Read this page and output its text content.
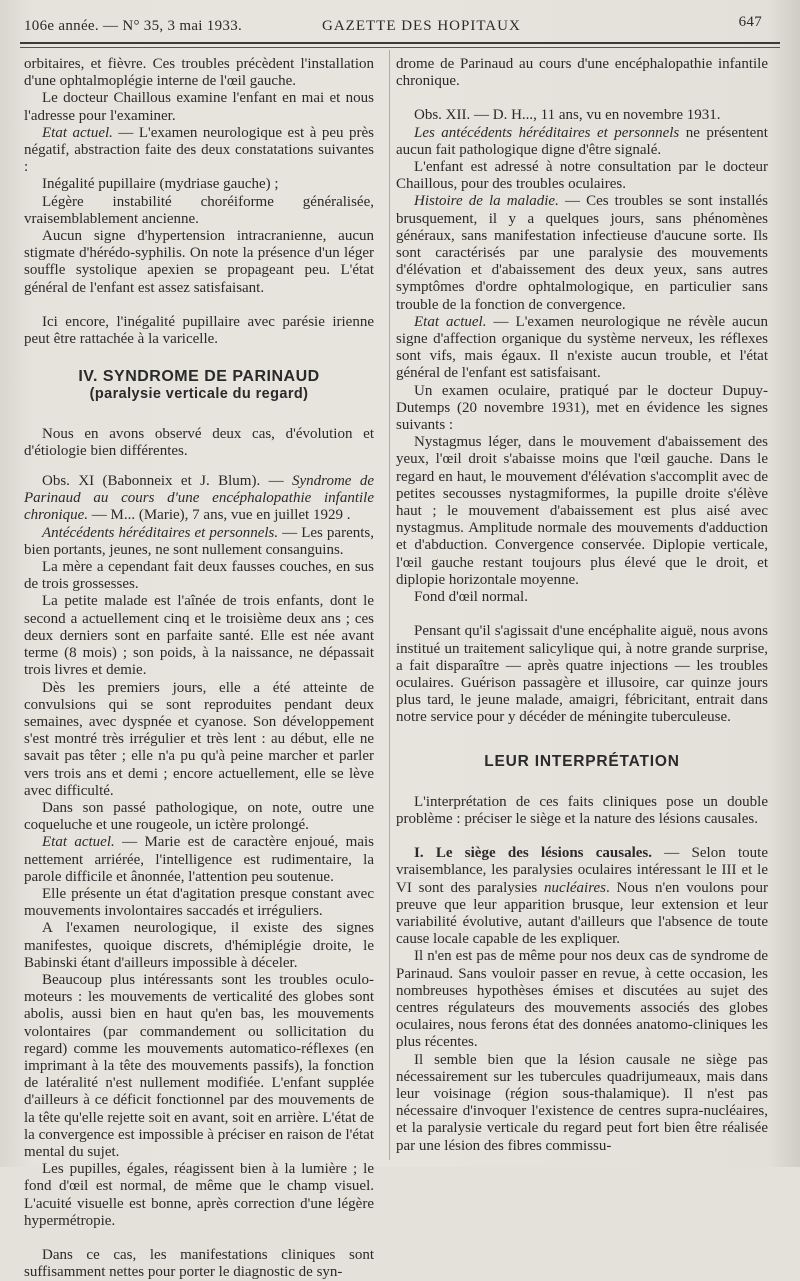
106e année. — N° 35, 3 mai 1933.	GAZETTE DES HOPITAUX	647

orbitaires, et fièvre. Ces troubles précèdent l'installation d'une ophtalmoplégie interne de l'œil gauche.

Le docteur Chaillous examine l'enfant en mai et nous l'adresse pour l'examiner.

Etat actuel. — L'examen neurologique est à peu près négatif, abstraction faite des deux constatations suivantes :

Inégalité pupillaire (mydriase gauche) ;

Légère instabilité choréiforme généralisée, vraisemblablement ancienne.

Aucun signe d'hypertension intracranienne, aucun stigmate d'hérédo-syphilis. On note la présence d'un léger souffle systolique apexien se propageant peu. L'état général de l'enfant est assez satisfaisant.

Ici encore, l'inégalité pupillaire avec parésie irienne peut être rattachée à la varicelle.

IV. SYNDROME DE PARINAUD
(paralysie verticale du regard)

Nous en avons observé deux cas, d'évolution et d'étiologie bien différentes.

Obs. XI (Babonneix et J. Blum). — Syndrome de Parinaud au cours d'une encéphalopathie infantile chronique. — M... (Marie), 7 ans, vue en juillet 1929 .

Antécédents héréditaires et personnels. — Les parents, bien portants, jeunes, ne sont nullement consanguins.

La mère a cependant fait deux fausses couches, en sus de trois grossesses.

La petite malade est l'aînée de trois enfants, dont le second a actuellement cinq et le troisième deux ans ; ces deux derniers sont en parfaite santé. Elle est née avant terme (8 mois) ; son poids, à la naissance, ne dépassait trois livres et demie.

Dès les premiers jours, elle a été atteinte de convulsions qui se sont reproduites pendant deux semaines, avec dyspnée et cyanose. Son développement s'est montré très irrégulier et très lent : au début, elle ne savait pas têter ; elle n'a pu qu'à peine marcher et parler vers trois ans et demi ; encore actuellement, elle se lève avec difficulté.

Dans son passé pathologique, on note, outre une coqueluche et une rougeole, un ictère prolongé.

Etat actuel. — Marie est de caractère enjoué, mais nettement arriérée, l'intelligence est rudimentaire, la parole difficile et ânonnée, l'attention peu soutenue.

Elle présente un état d'agitation presque constant avec mouvements involontaires saccadés et irréguliers.

A l'examen neurologique, il existe des signes manifestes, quoique discrets, d'hémiplégie droite, le Babinski étant d'ailleurs impossible à déceler.

Beaucoup plus intéressants sont les troubles oculo-moteurs : les mouvements de verticalité des globes sont abolis, aussi bien en haut qu'en bas, les mouvements volontaires (par commandement ou sollicitation du regard) comme les mouvements automatico-réflexes (en imprimant à la tête des mouvements passifs), la fonction de latéralité n'est nullement modifiée. L'enfant supplée d'ailleurs à ce déficit fonctionnel par des mouvements de la tête qu'elle rejette soit en avant, soit en arrière. L'état de la convergence est impossible à préciser en raison de l'état mental du sujet.

Les pupilles, égales, réagissent bien à la lumière ; le fond d'œil est normal, de même que le champ visuel. L'acuité visuelle est bonne, après correction d'une légère hypermétropie.

Dans ce cas, les manifestations cliniques sont suffisamment nettes pour porter le diagnostic de syn-

drome de Parinaud au cours d'une encéphalopathie infantile chronique.

Obs. XII. — D. H..., 11 ans, vu en novembre 1931.

Les antécédents héréditaires et personnels ne présentent aucun fait pathologique digne d'être signalé.

L'enfant est adressé à notre consultation par le docteur Chaillous, pour des troubles oculaires.

Histoire de la maladie. — Ces troubles se sont installés brusquement, il y a quelques jours, sans phénomènes généraux, sans manifestation infectieuse d'aucune sorte. Ils sont caractérisés par une paralysie des mouvements d'élévation et d'abaissement des deux yeux, sans autres symptômes d'ordre ophtalmologique, en particulier sans trouble de la fonction de convergence.

Etat actuel. — L'examen neurologique ne révèle aucun signe d'affection organique du système nerveux, les réflexes sont vifs, mais égaux. Il n'existe aucun trouble, et l'état général de l'enfant est satisfaisant.

Un examen oculaire, pratiqué par le docteur Dupuy-Dutemps (20 novembre 1931), met en évidence les signes suivants :

Nystagmus léger, dans le mouvement d'abaissement des yeux, l'œil droit s'abaisse moins que l'œil gauche. Dans le regard en haut, le mouvement d'élévation s'accomplit avec de petites secousses nystagmiformes, la pupille droite s'élève haut ; le mouvement d'abaissement est plus aisé avec nystagmus. Amplitude normale des mouvements d'adduction et d'abduction. Convergence conservée. Diplopie verticale, l'œil gauche restant toujours plus élevé que le droit, et diplopie horizontale moyenne.

Fond d'œil normal.

Pensant qu'il s'agissait d'une encéphalite aiguë, nous avons institué un traitement salicylique qui, à notre grande surprise, a fait disparaître — après quatre injections — les troubles oculaires. Guérison passagère et illusoire, car quinze jours plus tard, le jeune malade, amaigri, fébricitant, entrait dans notre service pour y décéder de méningite tuberculeuse.

LEUR INTERPRÉTATION

L'interprétation de ces faits cliniques pose un double problème : préciser le siège et la nature des lésions causales.

I. Le siège des lésions causales. — Selon toute vraisemblance, les paralysies oculaires intéressant le III et le VI sont des paralysies nucléaires. Nous n'en voulons pour preuve que leur apparition brusque, leur extension et leur variabilité évolutive, autant d'ailleurs que l'absence de toute cause locale capable de les expliquer.

Il n'en est pas de même pour nos deux cas de syndrome de Parinaud. Sans vouloir passer en revue, à cette occasion, les nombreuses hypothèses émises et discutées au sujet des centres régulateurs des mouvements associés des globes oculaires, nous ferons état des données anatomo-cliniques les plus récentes.

Il semble bien que la lésion causale ne siège pas nécessairement sur les tubercules quadrijumeaux, mais dans leur voisinage (région sous-thalamique). Il n'est pas nécessaire d'invoquer l'existence de centres supra-nucléaires, et la paralysie verticale du regard peut fort bien être réalisée par une lésion des fibres commissu-
